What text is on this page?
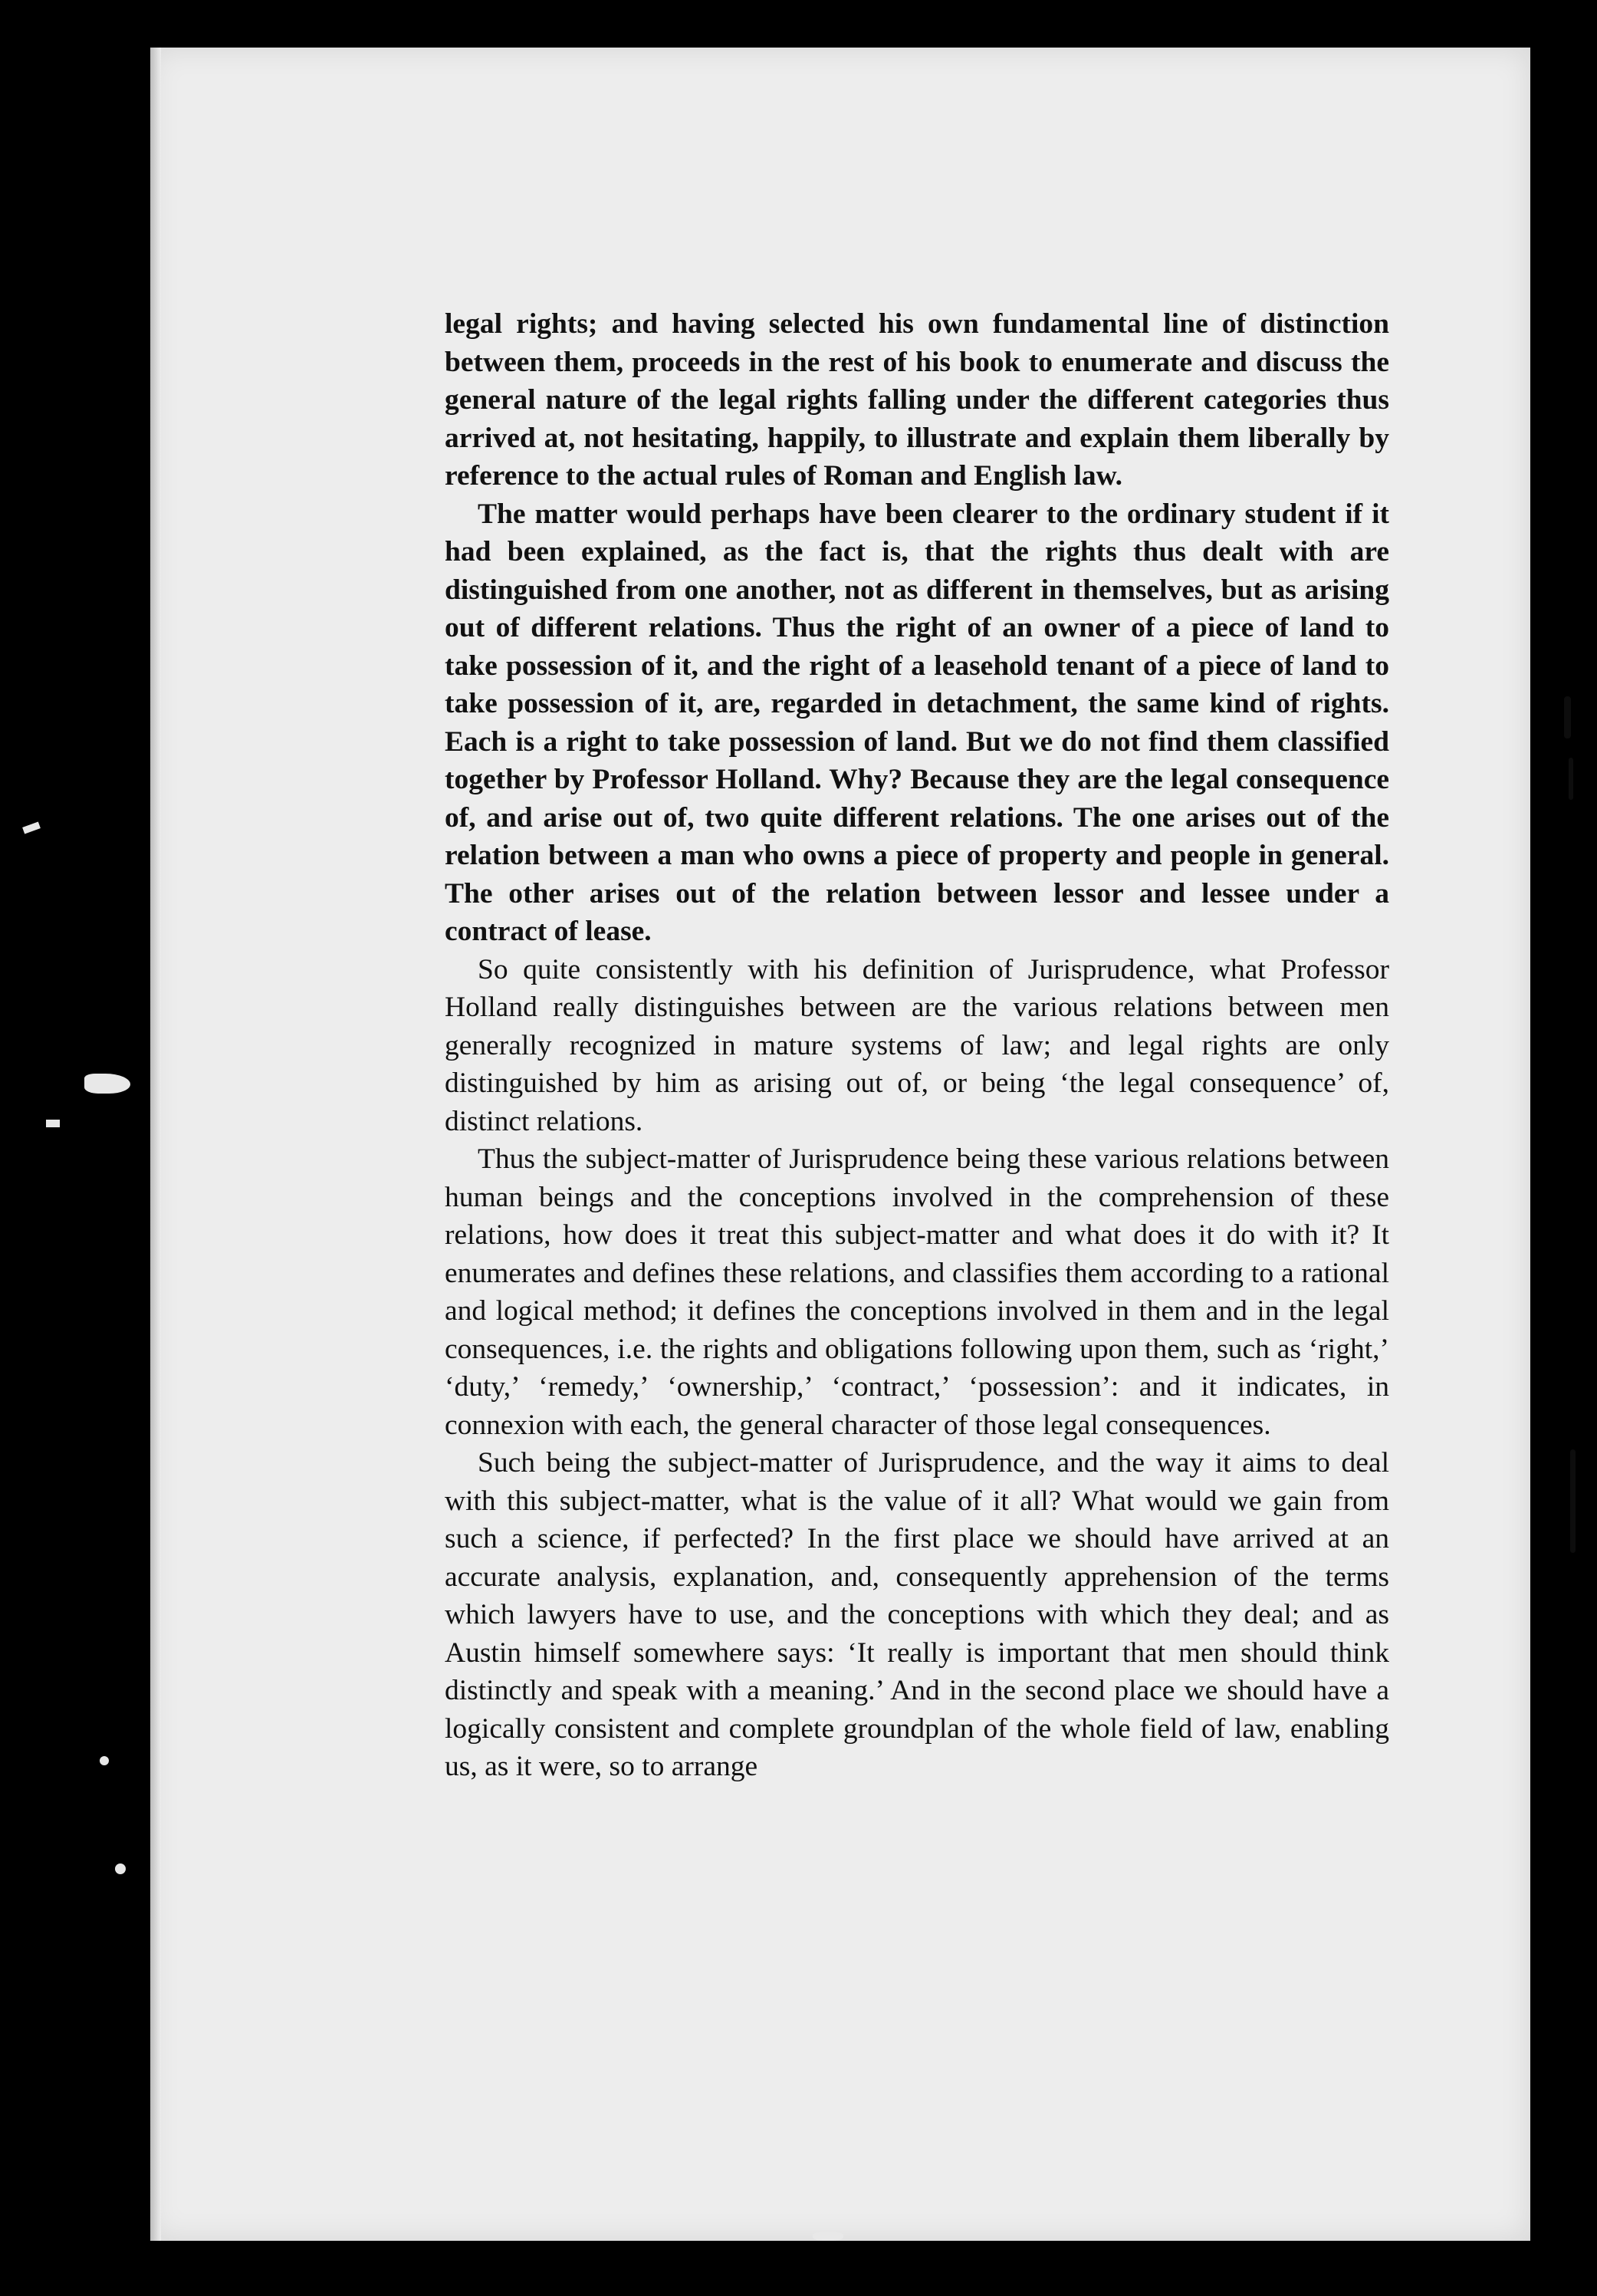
legal rights; and having selected his own fundamental line of distinction between them, proceeds in the rest of his book to enumerate and discuss the general nature of the legal rights falling under the different categories thus arrived at, not hesitating, happily, to illustrate and explain them liberally by reference to the actual rules of Roman and English law.

The matter would perhaps have been clearer to the ordinary student if it had been explained, as the fact is, that the rights thus dealt with are distinguished from one another, not as different in themselves, but as arising out of different relations. Thus the right of an owner of a piece of land to take possession of it, and the right of a leasehold tenant of a piece of land to take possession of it, are, regarded in detachment, the same kind of rights. Each is a right to take possession of land. But we do not find them classified together by Professor Holland. Why? Because they are the legal consequence of, and arise out of, two quite different relations. The one arises out of the relation between a man who owns a piece of property and people in general. The other arises out of the relation between lessor and lessee under a contract of lease.

So quite consistently with his definition of Jurisprudence, what Professor Holland really distinguishes between are the various relations between men generally recognized in mature systems of law; and legal rights are only distinguished by him as arising out of, or being ‘the legal consequence’ of, distinct relations.

Thus the subject-matter of Jurisprudence being these various relations between human beings and the conceptions involved in the comprehension of these relations, how does it treat this subject-matter and what does it do with it? It enumerates and defines these relations, and classifies them according to a rational and logical method; it defines the conceptions involved in them and in the legal consequences, i.e. the rights and obligations following upon them, such as ‘right,’ ‘duty,’ ‘remedy,’ ‘ownership,’ ‘contract,’ ‘possession’: and it indicates, in connexion with each, the general character of those legal consequences.

Such being the subject-matter of Jurisprudence, and the way it aims to deal with this subject-matter, what is the value of it all? What would we gain from such a science, if perfected? In the first place we should have arrived at an accurate analysis, explanation, and, consequently apprehension of the terms which lawyers have to use, and the conceptions with which they deal; and as Austin himself somewhere says: ‘It really is important that men should think distinctly and speak with a meaning.’ And in the second place we should have a logically consistent and complete groundplan of the whole field of law, enabling us, as it were, so to arrange
